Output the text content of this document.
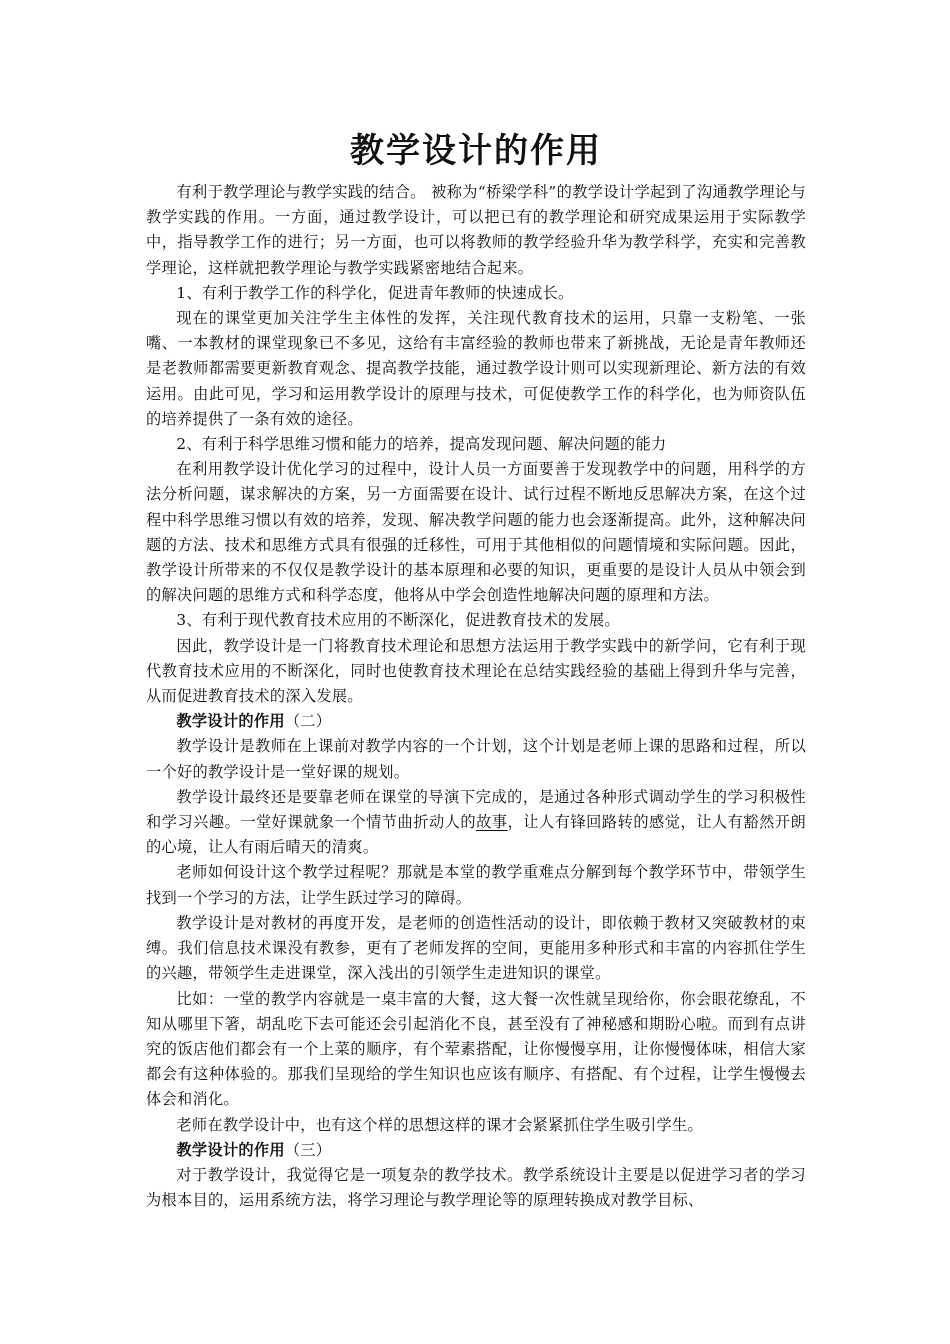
教学设计的作用

有利于教学理论与教学实践的结合。 被称为“桥梁学科”的教学设计学起到了沟通教学理论与教学实践的作用。一方面，通过教学设计，可以把已有的教学理论和研究成果运用于实际教学中，指导教学工作的进行；另一方面，也可以将教师的教学经验升华为教学科学，充实和完善教学理论，这样就把教学理论与教学实践紧密地结合起来。

1、有利于教学工作的科学化，促进青年教师的快速成长。

现在的课堂更加关注学生主体性的发挥，关注现代教育技术的运用，只靠一支粉笔、一张嘴、一本教材的课堂现象已不多见，这给有丰富经验的教师也带来了新挑战，无论是青年教师还是老教师都需要更新教育观念、提高教学技能，通过教学设计则可以实现新理论、新方法的有效运用。由此可见，学习和运用教学设计的原理与技术，可促使教学工作的科学化，也为师资队伍的培养提供了一条有效的途径。

2、有利于科学思维习惯和能力的培养，提高发现问题、解决问题的能力

在利用教学设计优化学习的过程中，设计人员一方面要善于发现教学中的问题，用科学的方法分析问题，谋求解决的方案，另一方面需要在设计、试行过程不断地反思解决方案，在这个过程中科学思维习惯以有效的培养，发现、解决教学问题的能力也会逐渐提高。此外，这种解决问题的方法、技术和思维方式具有很强的迁移性，可用于其他相似的问题情境和实际问题。因此，教学设计所带来的不仅仅是教学设计的基本原理和必要的知识，更重要的是设计人员从中领会到的解决问题的思维方式和科学态度，他将从中学会创造性地解决问题的原理和方法。

3、有利于现代教育技术应用的不断深化，促进教育技术的发展。

因此，教学设计是一门将教育技术理论和思想方法运用于教学实践中的新学问，它有利于现代教育技术应用的不断深化，同时也使教育技术理论在总结实践经验的基础上得到升华与完善，从而促进教育技术的深入发展。

教学设计的作用（二）

教学设计是教师在上课前对教学内容的一个计划，这个计划是老师上课的思路和过程，所以一个好的教学设计是一堂好课的规划。

教学设计最终还是要靠老师在课堂的导演下完成的，是通过各种形式调动学生的学习积极性和学习兴趣。一堂好课就象一个情节曲折动人的故事，让人有锋回路转的感觉，让人有豁然开朗的心境，让人有雨后晴天的清爽。

老师如何设计这个教学过程呢？那就是本堂的教学重难点分解到每个教学环节中，带领学生找到一个学习的方法，让学生跃过学习的障碍。

教学设计是对教材的再度开发，是老师的创造性活动的设计，即依赖于教材又突破教材的束缚。我们信息技术课没有教参，更有了老师发挥的空间，更能用多种形式和丰富的内容抓住学生的兴趣，带领学生走进课堂，深入浅出的引领学生走进知识的课堂。

比如：一堂的教学内容就是一桌丰富的大餐，这大餐一次性就呈现给你，你会眼花缭乱，不知从哪里下箸，胡乱吃下去可能还会引起消化不良，甚至没有了神秘感和期盼心啦。而到有点讲究的饭店他们都会有一个上菜的顺序，有个荤素搭配，让你慢慢享用，让你慢慢体味，相信大家都会有这种体验的。那我们呈现给的学生知识也应该有顺序、有搭配、有个过程，让学生慢慢去体会和消化。

老师在教学设计中，也有这个样的思想这样的课才会紧紧抓住学生吸引学生。

教学设计的作用（三）

对于教学设计，我觉得它是一项复杂的教学技术。教学系统设计主要是以促进学习者的学习为根本目的，运用系统方法，将学习理论与教学理论等的原理转换成对教学目标、
